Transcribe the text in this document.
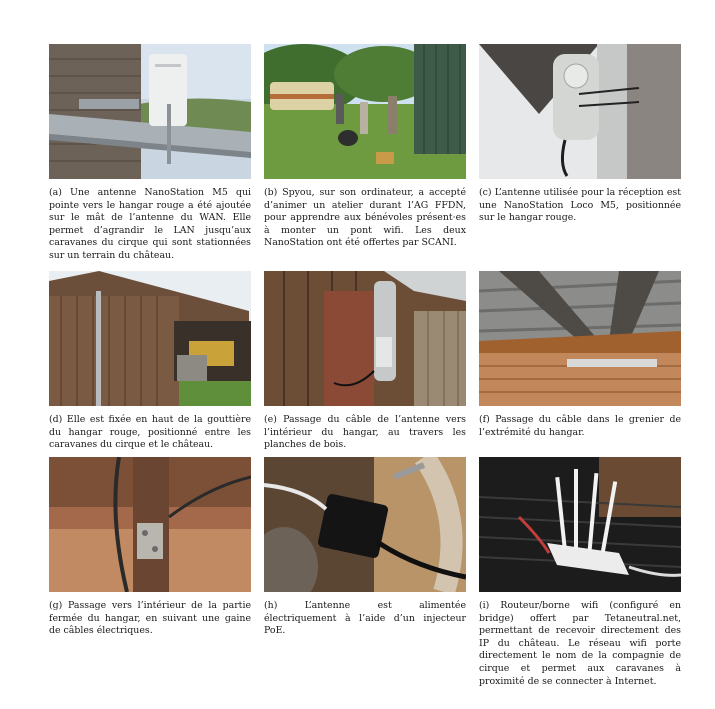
(a) Une antenne NanoStation M5 qui pointe vers le hangar rouge a été ajoutée sur le mât de l’antenne du WAN. Elle permet d’agrandir le LAN jusqu’aux caravanes du cirque qui sont stationnées sur un terrain du château.
(b) Spyou, sur son ordinateur, a accepté d’animer un atelier durant l’AG FFDN, pour apprendre aux bénévoles présent·es à monter un pont wifi. Les deux NanoStation ont été offertes par SCANI.
(c) L’antenne utilisée pour la réception est une NanoStation Loco M5, positionnée sur le hangar rouge.
(d) Elle est fixée en haut de la gouttière du hangar rouge, positionné entre les caravanes du cirque et le château.
(e) Passage du câble de l’antenne vers l’intérieur du hangar, au travers les planches de bois.
(f) Passage du câble dans le grenier de l’extrémité du hangar.
(g) Passage vers l’intérieur de la partie fermée du hangar, en suivant une gaine de câbles électriques.
(h) L’antenne est alimentée électriquement à l’aide d’un injecteur PoE.
(i) Routeur/borne wifi (configuré en bridge) offert par Tetaneutral.net, permettant de recevoir directement des IP du château. Le réseau wifi porte directement le nom de la compagnie de cirque et permet aux caravanes à proximité de se connecter à Internet.
